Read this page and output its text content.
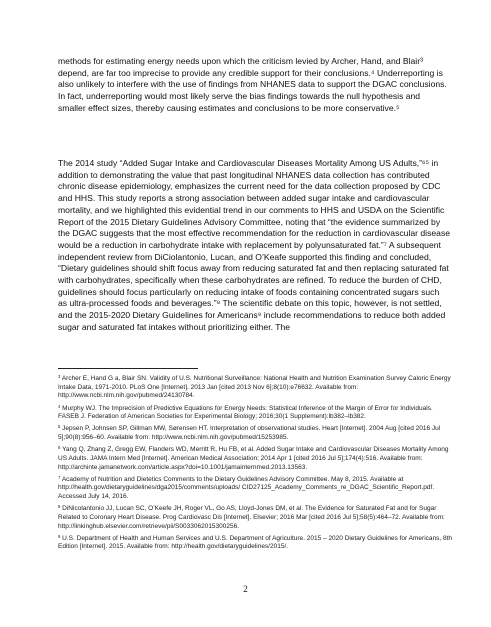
methods for estimating energy needs upon which the criticism levied by Archer, Hand, and Blair³ depend, are far too imprecise to provide any credible support for their conclusions.⁴ Underreporting is also unlikely to interfere with the use of findings from NHANES data to support the DGAC conclusions. In fact, underreporting would most likely serve the bias findings towards the null hypothesis and smaller effect sizes, thereby causing estimates and conclusions to be more conservative.⁵

The 2014 study “Added Sugar Intake and Cardiovascular Diseases Mortality Among US Adults,”⁶⁵ in addition to demonstrating the value that past longitudinal NHANES data collection has contributed chronic disease epidemiology, emphasizes the current need for the data collection proposed by CDC and HHS. This study reports a strong association between added sugar intake and cardiovascular mortality, and we highlighted this evidential trend in our comments to HHS and USDA on the Scientific Report of the 2015 Dietary Guidelines Advisory Committee, noting that “the evidence summarized by the DGAC suggests that the most effective recommendation for the reduction in cardiovascular disease would be a reduction in carbohydrate intake with replacement by polyunsaturated fat.”⁷ A subsequent independent review from DiCiolantonio, Lucan, and O’Keafe supported this finding and concluded, “Dietary guidelines should shift focus away from reducing saturated fat and then replacing saturated fat with carbohydrates, specifically when these carbohydrates are refined. To reduce the burden of CHD, guidelines should focus particularly on reducing intake of foods containing concentrated sugars such as ultra-processed foods and beverages.”⁸ The scientific debate on this topic, however, is not settled, and the 2015-2020 Dietary Guidelines for Americans⁹ include recommendations to reduce both added sugar and saturated fat intakes without prioritizing either. The

$^3$ Archer E, Hand G a, Blair SN. Validity of U.S. Nutritional Surveillance: National Health and Nutrition Examination Survey Caloric Energy Intake Data, 1971-2010. PLoS One [Internet]. 2013 Jan [cited 2013 Nov 6];8(10):e76632. Available from: http://www.ncbi.nlm.nih.gov/pubmed/24130784.

$^4$ Murphy WJ. The Imprecision of Predictive Equations for Energy Needs: Statistical Inference of the Margin of Error for Individuals. FASEB J. Federation of American Societies for Experimental Biology; 2016;30(1 Supplement):lb382–lb382.

$^5$ Jepsen P, Johnsen SP, Gillman MW, Sørensen HT. Interpretation of observational studies. Heart [Internet]. 2004 Aug [cited 2016 Jul 5];90(8):956–60. Available from: http://www.ncbi.nlm.nih.gov/pubmed/15253985.

$^6$ Yang Q, Zhang Z, Gregg EW, Flanders WD, Merritt R, Hu FB, et al. Added Sugar Intake and Cardiovascular Diseases Mortality Among US Adults. JAMA Intern Med [Internet]. American Medical Association; 2014 Apr 1 [cited 2016 Jul 5];174(4):516. Available from: http://archinte.jamanetwork.com/article.aspx?doi=10.1001/jamainternmed.2013.13563.

$^7$ Academy of Nutrition and Dietetics Comments to the Dietary Guidelines Advisory Committee. May 8, 2015. Available at http://health.gov/dietaryguidelines/dga2015/comments/uploads/ CID27125_Academy_Comments_re_DGAC_Scientific_Report.pdf. Accessed July 14, 2016.

$^8$ DiNicolantonio JJ, Lucan SC, O’Keefe JH, Roger VL, Go AS, Lloyd-Jones DM, et al. The Evidence for Saturated Fat and for Sugar Related to Coronary Heart Disease. Prog Cardiovasc Dis [Internet]. Elsevier; 2016 Mar [cited 2016 Jul 5];58(5):464–72. Available from: http://linkinghub.elsevier.com/retrieve/pii/S0033062015300256.

$^9$ U.S. Department of Health and Human Services and U.S. Department of Agriculture. 2015 – 2020 Dietary Guidelines for Americans, 8th Edition [Internet]. 2015. Available from: http://health.gov/dietaryguidelines/2015/.

2
